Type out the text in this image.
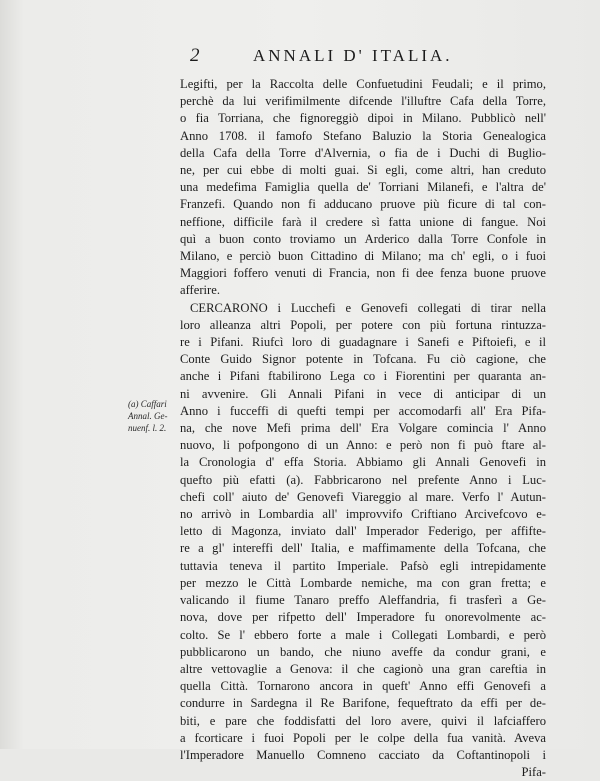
2	ANNALI D' ITALIA.
(a) Caffari
Annal. Ge-
nuenf. l. 2.
Legifti, per la Raccolta delle Confuetudini Feudali; e il primo,
perchè da lui verifimilmente difcende l'illuftre Cafa della Torre,
o fia Torriana, che fignoreggiò dipoi in Milano. Pubblicò nell'
Anno 1708. il famofo Stefano Baluzio la Storia Genealogica
della Cafa della Torre d'Alvernia, o fia de i Duchi di Buglio-
ne, per cui ebbe di molti guai. Si egli, come altri, han creduto
una medefima Famiglia quella de' Torriani Milanefi, e l'altra de'
Franzefi. Quando non fi adducano pruove più ficure di tal con-
neffione, difficile farà il credere sì fatta unione di fangue. Noi
quì a buon conto troviamo un Arderico dalla Torre Confole in
Milano, e perciò buon Cittadino di Milano; ma ch' egli, o i fuoi
Maggiori foffero venuti di Francia, non fi dee fenza buone pruove
afferire.
CERCARONO i Lucchefi e Genovefi collegati di tirar nella
loro alleanza altri Popoli, per potere con più fortuna rintuzza-
re i Pifani. Riufcì loro di guadagnare i Sanefi e Piftoiefi, e il
Conte Guido Signor potente in Tofcana. Fu ciò cagione, che
anche i Pifani ftabilirono Lega co i Fiorentini per quaranta an-
ni avvenire. Gli Annali Pifani in vece di anticipar di un
Anno i fucceffi di quefti tempi per accomodarfi all' Era Pifa-
na, che nove Mefi prima dell' Era Volgare comincia l' Anno
nuovo, li pofpongono di un Anno: e però non fi può ftare al-
la Cronologia d' effa Storia. Abbiamo gli Annali Genovefi in
quefto più efatti (a). Fabbricarono nel prefente Anno i Luc-
chefi coll' aiuto de' Genovefi Viareggio al mare. Verfo l' Autun-
no arrivò in Lombardia all' improvvifo Criftiano Arcivefcovo e-
letto di Magonza, inviato dall' Imperador Federigo, per affifte-
re a gl' intereffi dell' Italia, e maffimamente della Tofcana, che
tuttavia teneva il partito Imperiale. Pafsò egli intrepidamente
per mezzo le Città Lombarde nemiche, ma con gran fretta; e
valicando il fiume Tanaro preffo Aleffandria, fi trasferì a Ge-
nova, dove per rifpetto dell' Imperadore fu onorevolmente ac-
colto. Se l' ebbero forte a male i Collegati Lombardi, e però
pubblicarono un bando, che niuno aveffe da condur grani, e
altre vettovaglie a Genova: il che cagionò una gran careftia in
quella Città. Tornarono ancora in queft' Anno effi Genovefi a
condurre in Sardegna il Re Barifone, fequeftrato da effi per de-
biti, e pare che foddisfatti del loro avere, quivi il lafciaffero
a fcorticare i fuoi Popoli per le colpe della fua vanità. Aveva
l'Imperadore Manuello Comneno cacciato da Coftantinopoli i
Pifa-
